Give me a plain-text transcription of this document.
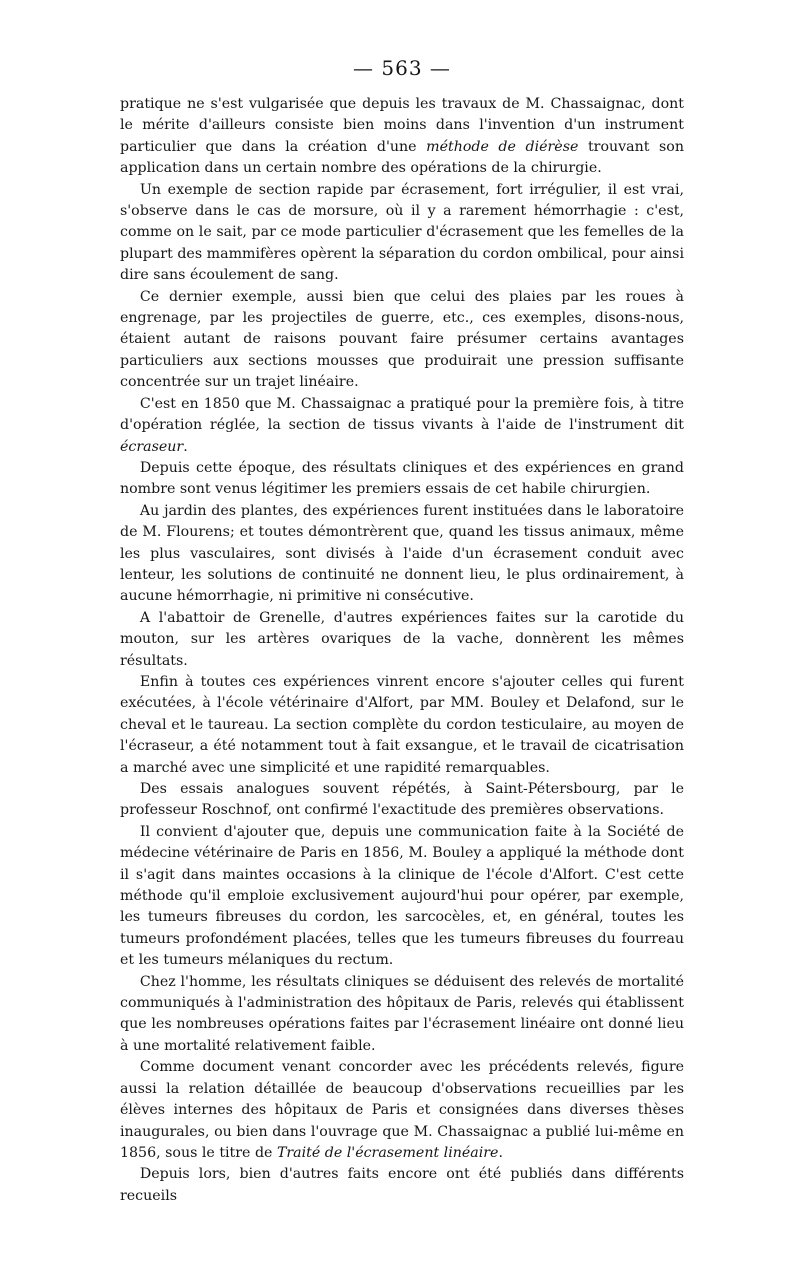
— 563 —

pratique ne s'est vulgarisée que depuis les travaux de M. Chassaignac, dont le mérite d'ailleurs consiste bien moins dans l'invention d'un instrument particulier que dans la création d'une méthode de diérèse trouvant son application dans un certain nombre des opérations de la chirurgie.

Un exemple de section rapide par écrasement, fort irrégulier, il est vrai, s'observe dans le cas de morsure, où il y a rarement hémorrhagie : c'est, comme on le sait, par ce mode particulier d'écrasement que les femelles de la plupart des mammifères opèrent la séparation du cordon ombilical, pour ainsi dire sans écoulement de sang.

Ce dernier exemple, aussi bien que celui des plaies par les roues à engrenage, par les projectiles de guerre, etc., ces exemples, disons-nous, étaient autant de raisons pouvant faire présumer certains avantages particuliers aux sections mousses que produirait une pression suffisante concentrée sur un trajet linéaire.

C'est en 1850 que M. Chassaignac a pratiqué pour la première fois, à titre d'opération réglée, la section de tissus vivants à l'aide de l'instrument dit écraseur.

Depuis cette époque, des résultats cliniques et des expériences en grand nombre sont venus légitimer les premiers essais de cet habile chirurgien.

Au jardin des plantes, des expériences furent instituées dans le laboratoire de M. Flourens; et toutes démontrèrent que, quand les tissus animaux, même les plus vasculaires, sont divisés à l'aide d'un écrasement conduit avec lenteur, les solutions de continuité ne donnent lieu, le plus ordinairement, à aucune hémorrhagie, ni primitive ni consécutive.

A l'abattoir de Grenelle, d'autres expériences faites sur la carotide du mouton, sur les artères ovariques de la vache, donnèrent les mêmes résultats.

Enfin à toutes ces expériences vinrent encore s'ajouter celles qui furent exécutées, à l'école vétérinaire d'Alfort, par MM. Bouley et Delafond, sur le cheval et le taureau. La section complète du cordon testiculaire, au moyen de l'écraseur, a été notamment tout à fait exsangue, et le travail de cicatrisation a marché avec une simplicité et une rapidité remarquables.

Des essais analogues souvent répétés, à Saint-Pétersbourg, par le professeur Roschnof, ont confirmé l'exactitude des premières observations.

Il convient d'ajouter que, depuis une communication faite à la Société de médecine vétérinaire de Paris en 1856, M. Bouley a appliqué la méthode dont il s'agit dans maintes occasions à la clinique de l'école d'Alfort. C'est cette méthode qu'il emploie exclusivement aujourd'hui pour opérer, par exemple, les tumeurs fibreuses du cordon, les sarcocèles, et, en général, toutes les tumeurs profondément placées, telles que les tumeurs fibreuses du fourreau et les tumeurs mélaniques du rectum.

Chez l'homme, les résultats cliniques se déduisent des relevés de mortalité communiqués à l'administration des hôpitaux de Paris, relevés qui établissent que les nombreuses opérations faites par l'écrasement linéaire ont donné lieu à une mortalité relativement faible.

Comme document venant concorder avec les précédents relevés, figure aussi la relation détaillée de beaucoup d'observations recueillies par les élèves internes des hôpitaux de Paris et consignées dans diverses thèses inaugurales, ou bien dans l'ouvrage que M. Chassaignac a publié lui-même en 1856, sous le titre de Traité de l'écrasement linéaire.

Depuis lors, bien d'autres faits encore ont été publiés dans différents recueils
